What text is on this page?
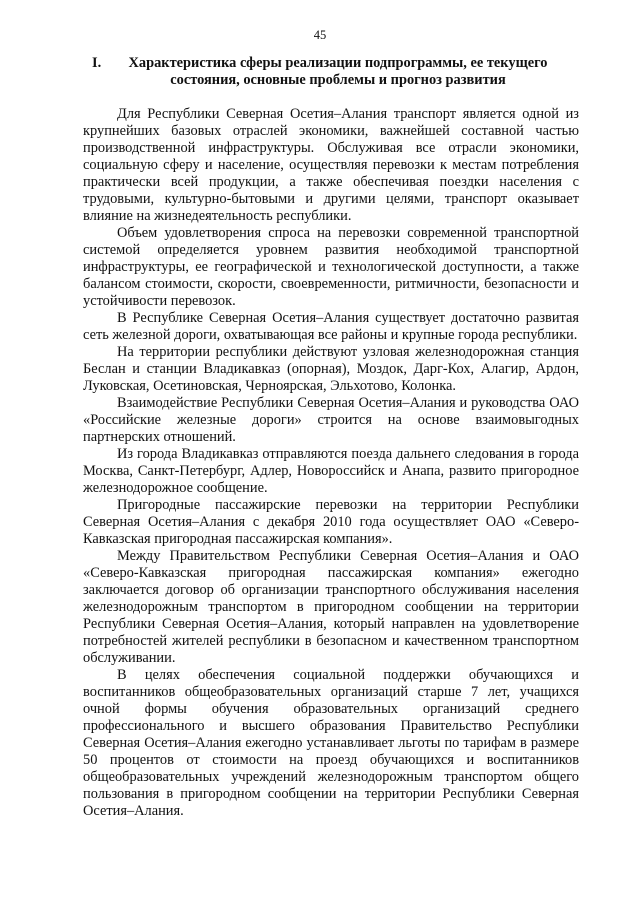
45
I.	Характеристика сферы реализации подпрограммы, ее текущего состояния, основные проблемы и прогноз развития

Для Республики Северная Осетия–Алания транспорт является одной из крупнейших базовых отраслей экономики, важнейшей составной частью производственной инфраструктуры. Обслуживая все отрасли экономики, социальную сферу и население, осуществляя перевозки к местам потребления практически всей продукции, а также обеспечивая поездки населения с трудовыми, культурно-бытовыми и другими целями, транспорт оказывает влияние на жизнедеятельность республики.

Объем удовлетворения спроса на перевозки современной транспортной системой определяется уровнем развития необходимой транспортной инфраструктуры, ее географической и технологической доступности, а также балансом стоимости, скорости, своевременности, ритмичности, безопасности и устойчивости перевозок.

В Республике Северная Осетия–Алания существует достаточно развитая сеть железной дороги, охватывающая все районы и крупные города республики.

На территории республики действуют узловая железнодорожная станция Беслан и станции Владикавказ (опорная), Моздок, Дарг-Кох, Алагир, Ардон, Луковская, Осетиновская, Черноярская, Эльхотово, Колонка.

Взаимодействие Республики Северная Осетия–Алания и руководства ОАО «Российские железные дороги» строится на основе взаимовыгодных партнерских отношений.

Из города Владикавказ отправляются поезда дальнего следования в города Москва, Санкт-Петербург, Адлер, Новороссийск и Анапа, развито пригородное железнодорожное сообщение.

Пригородные пассажирские перевозки на территории Республики Северная Осетия–Алания с декабря 2010 года осуществляет ОАО «Северо-Кавказская пригородная пассажирская компания».

Между Правительством Республики Северная Осетия–Алания и ОАО «Северо-Кавказская пригородная пассажирская компания» ежегодно заключается договор об организации транспортного обслуживания населения железнодорожным транспортом в пригородном сообщении на территории Республики Северная Осетия–Алания, который направлен на удовлетворение потребностей жителей республики в безопасном и качественном транспортном обслуживании.

В целях обеспечения социальной поддержки обучающихся и воспитанников общеобразовательных организаций старше 7 лет, учащихся очной формы обучения образовательных организаций среднего профессионального и высшего образования Правительство Республики Северная Осетия–Алания ежегодно устанавливает льготы по тарифам в размере 50 процентов от стоимости на проезд обучающихся и воспитанников общеобразовательных учреждений железнодорожным транспортом общего пользования в пригородном сообщении на территории Республики Северная Осетия–Алания.
